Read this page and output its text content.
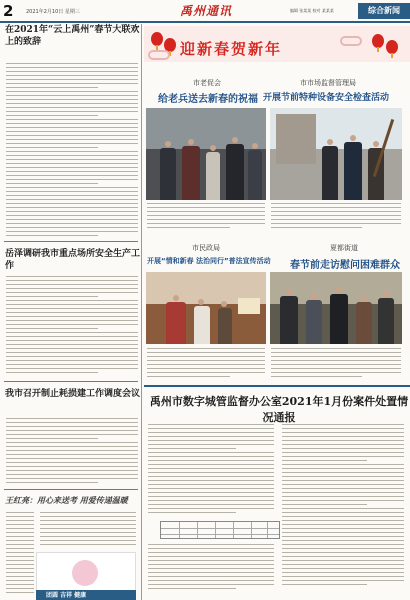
2	2021年2月10日 星期三	禹州通讯	编辑 张某某 校对 某某某	综合新闻
在2021年“云上禹州”春节大联欢上的致辞
岳泽调研我市重点场所安全生产工作
我市召开制止耗损建工作调度会议
王红亮：用心来送考 用爱传递温暖
团圆 吉祥 健康
迎新春贺新年
市老促会
给老兵送去新春的祝福
市市场监督管理局
开展节前特种设备安全检查活动
市民政局
开展“情和新春 法治同行”普法宣传活动
夏都街道
春节前走访慰问困难群众
禹州市数字城管监督办公室2021年1月份案件处置情况通报
